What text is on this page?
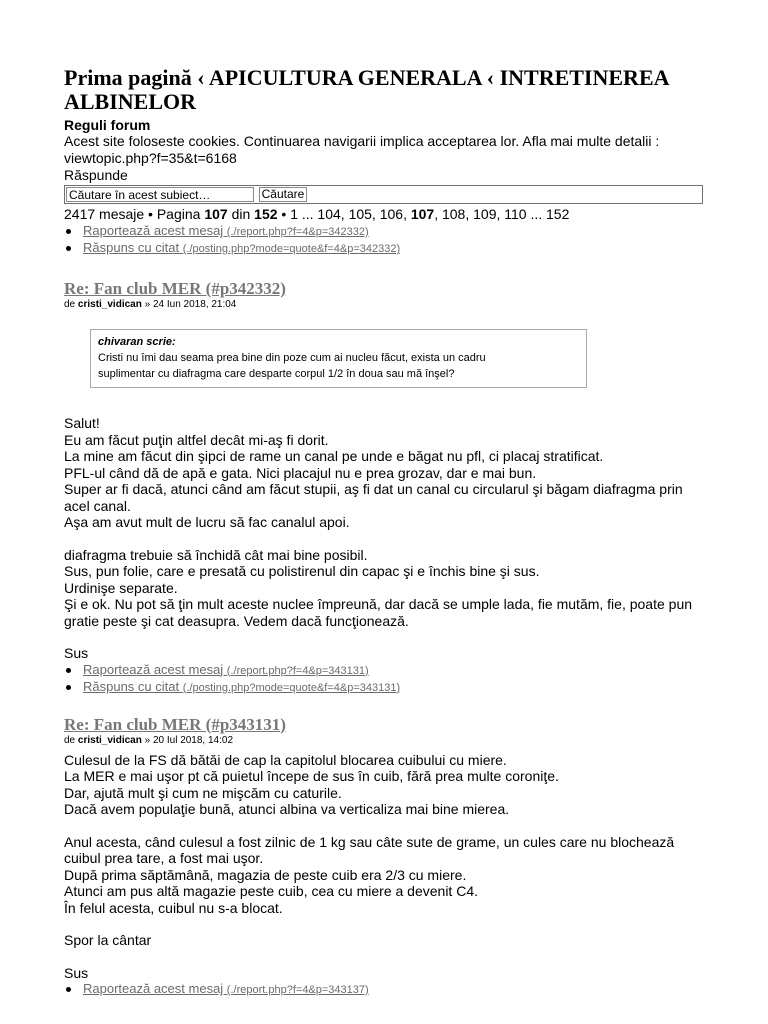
Prima pagină ‹ APICULTURA GENERALA ‹ INTRETINEREA ALBINELOR
Reguli forum
Acest site foloseste cookies. Continuarea navigarii implica acceptarea lor. Afla mai multe detalii :
viewtopic.php?f=35&t=6168
Răspunde
Căutare în acest subiect…	Căutare
2417 mesaje • Pagina 107 din 152 • 1 ... 104, 105, 106, 107, 108, 109, 110 ... 152
Raportează acest mesaj (./report.php?f=4&p=342332)
Răspuns cu citat (./posting.php?mode=quote&f=4&p=342332)
Re: Fan club MER (#p342332)
de cristi_vidican » 24 Iun 2018, 21:04
chivaran scrie:
Cristi nu îmi dau seama prea bine din poze cum ai nucleu făcut, exista un cadru
suplimentar cu diafragma care desparte corpul 1/2 în doua sau mă înşel?

Salut!

Eu am făcut puţin altfel decât mi-aş fi dorit.

La mine am făcut din şipci de rame un canal pe unde e băgat nu pfl, ci placaj stratificat.

PFL-ul când dă de apă e gata. Nici placajul nu e prea grozav, dar e mai bun.

Super ar fi dacă, atunci când am făcut stupii, aş fi dat un canal cu circularul şi băgam diafragma prin

acel canal.

Aşa am avut mult de lucru să fac canalul apoi.

diafragma trebuie să închidă cât mai bine posibil.

Sus, pun folie, care e presată cu polistirenul din capac şi e închis bine şi sus.

Urdinişe separate.

Şi e ok. Nu pot să ţin mult aceste nuclee împreună, dar dacă se umple lada, fie mutăm, fie, poate pun

gratie peste şi cat deasupra. Vedem dacă funcţionează.

Sus

Raportează acest mesaj (./report.php?f=4&p=343131)
Răspuns cu citat (./posting.php?mode=quote&f=4&p=343131)
Re: Fan club MER (#p343131)
de cristi_vidican » 20 Iul 2018, 14:02

Culesul de la FS dă bătăi de cap la capitolul blocarea cuibului cu miere.

La MER e mai uşor pt că puietul începe de sus în cuib, fără prea multe coroniţe.

Dar, ajută mult şi cum ne mişcăm cu caturile.

Dacă avem populaţie bună, atunci albina va verticaliza mai bine mierea.

Anul acesta, când culesul a fost zilnic de 1 kg sau câte sute de grame, un cules care nu blochează

cuibul prea tare, a fost mai uşor.

După prima săptămână, magazia de peste cuib era 2/3 cu miere.

Atunci am pus altă magazie peste cuib, cea cu miere a devenit C4.

În felul acesta, cuibul nu s-a blocat.

Spor la cântar

Sus

Raportează acest mesaj (./report.php?f=4&p=343137)
